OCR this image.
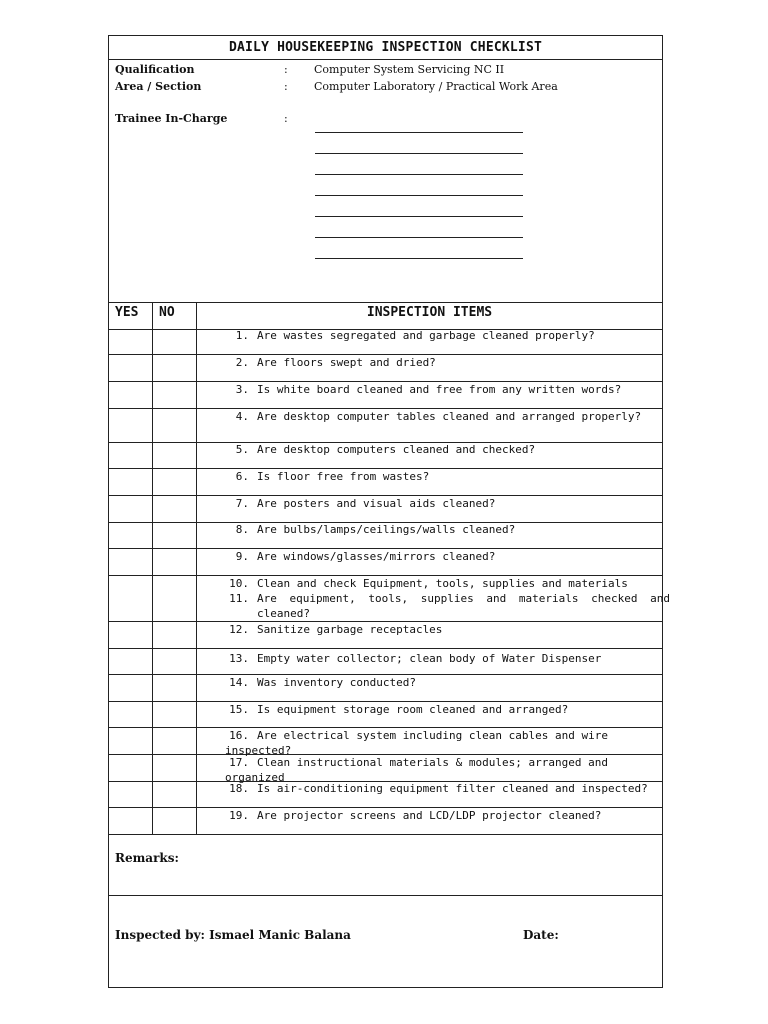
DAILY HOUSEKEEPING INSPECTION CHECKLIST
Qualification	: Computer System Servicing NC II
Area / Section	: Computer Laboratory / Practical Work Area
Trainee In-Charge	:
YES NO	INSPECTION ITEMS
1. Are wastes segregated and garbage cleaned properly?
2. Are floors swept and dried?
3. Is white board cleaned and free from any written words?
4. Are desktop computer tables cleaned and arranged properly?
5. Are desktop computers cleaned and checked?
6. Is floor free from wastes?
7. Are posters and visual aids cleaned?
8. Are bulbs/lamps/ceilings/walls cleaned?
9. Are windows/glasses/mirrors cleaned?
10. Clean and check Equipment, tools, supplies and materials
11. Are equipment, tools, supplies and materials checked and
cleaned?
12. Sanitize garbage receptacles
13. Empty water collector; clean body of Water Dispenser
14. Was inventory conducted?
15. Is equipment storage room cleaned and arranged?
16. Are electrical system including clean cables and wire inspected?
17. Clean instructional materials & modules; arranged and organized
18. Is air-conditioning equipment filter cleaned and inspected?
19. Are projector screens and LCD/LDP projector cleaned?
Remarks:
Inspected by: Ismael Manic Balana	Date:
